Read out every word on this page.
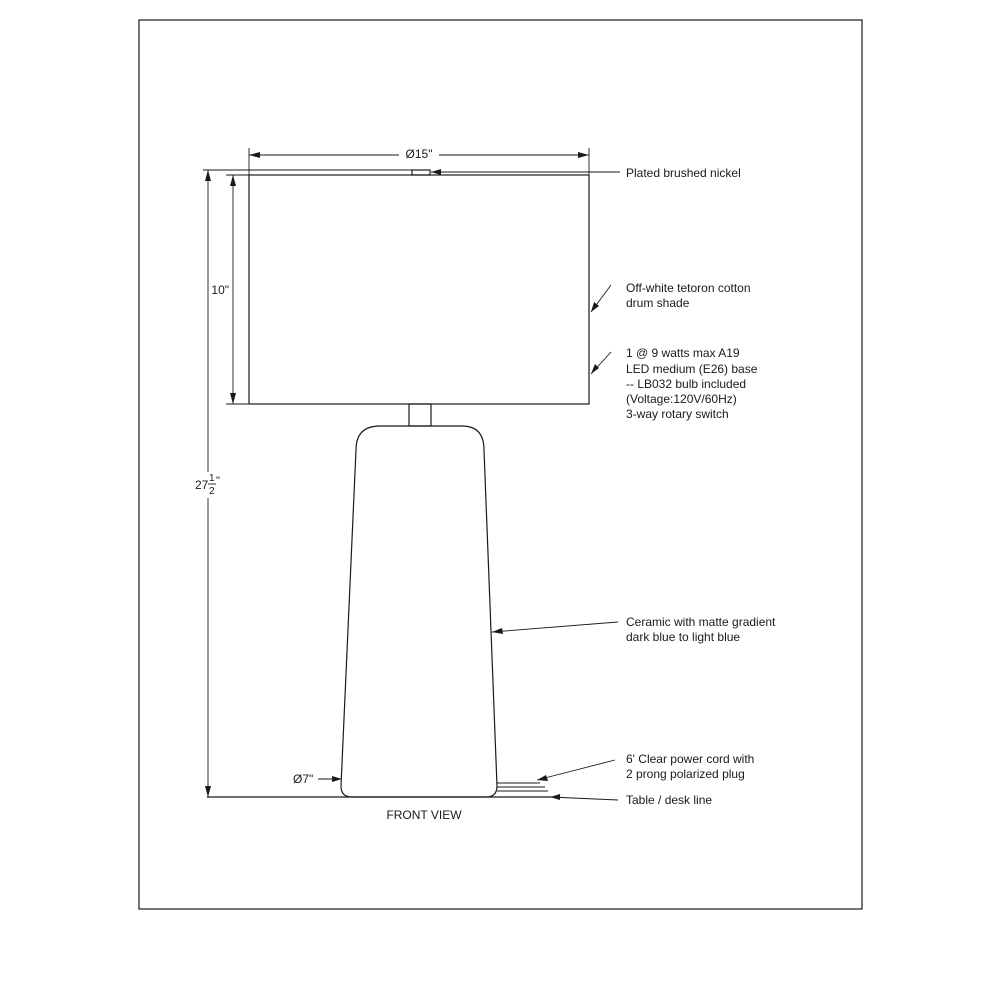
Ø15"
10"
27 1
2
"
Ø7"
Plated brushed nickel
Off-white tetoron cotton
drum shade
1 @ 9 watts max A19
LED medium (E26) base
-- LB032 bulb included
(Voltage:120V/60Hz)
3-way rotary switch
Ceramic with matte gradient
dark blue to light blue
6' Clear power cord with
2 prong polarized plug
Table / desk line
FRONT VIEW
